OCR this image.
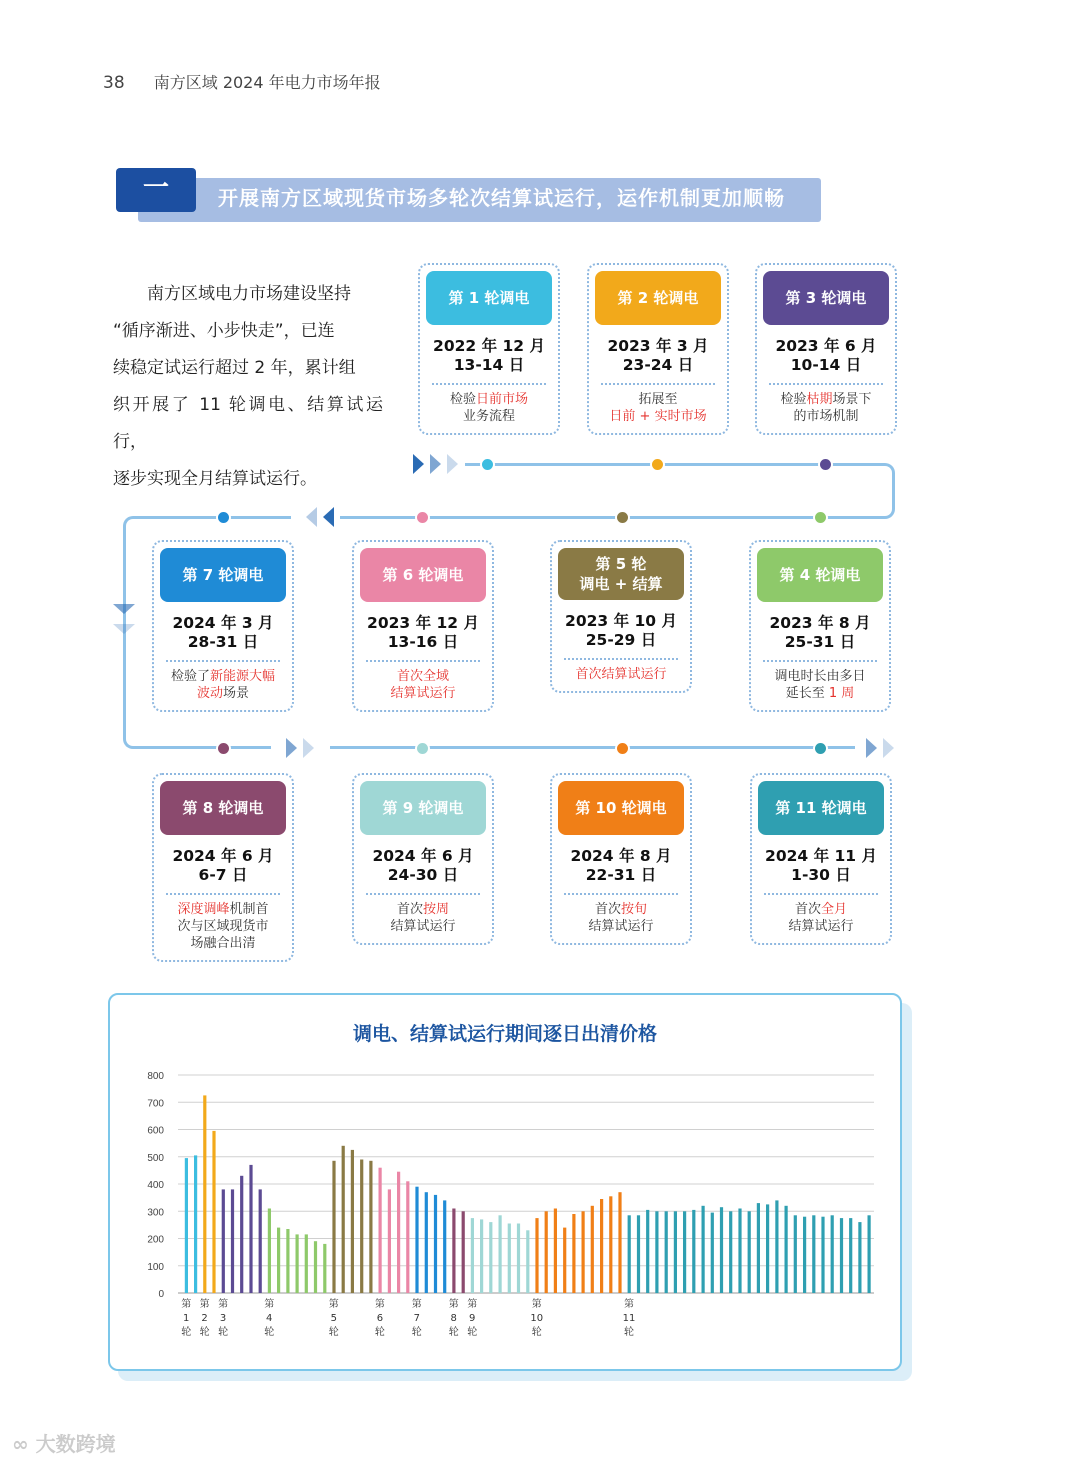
38 南方区域 2024 年电力市场年报
一	开展南方区域现货市场多轮次结算试运行，运作机制更加顺畅
南方区域电力市场建设坚持
“循序渐进、小步快走”，已连
续稳定试运行超过 2 年，累计组
织开展了 11 轮调电、结算试运行，
逐步实现全月结算试运行。
第 1 轮调电
2022 年 12 月
13-14 日
检验日前市场
业务流程
第 2 轮调电
2023 年 3 月
23-24 日
拓展至
日前 + 实时市场
第 3 轮调电
2023 年 6 月
10-14 日
检验枯期场景下
的市场机制
第 4 轮调电
2023 年 8 月
25-31 日
调电时长由多日
延长至 1 周
第 5 轮
调电 + 结算
2023 年 10 月
25-29 日
首次结算试运行
第 6 轮调电
2023 年 12 月
13-16 日
首次全域
结算试运行
第 7 轮调电
2024 年 3 月
28-31 日
检验了新能源大幅
波动场景
第 8 轮调电
2024 年 6 月
6-7 日
深度调峰机制首
次与区域现货市
场融合出清
第 9 轮调电
2024 年 6 月
24-30 日
首次按周
结算试运行
第 10 轮调电
2024 年 8 月
22-31 日
首次按旬
结算试运行
第 11 轮调电
2024 年 11 月
1-30 日
首次全月
结算试运行
调电、结算试运行期间逐日出清价格
0
100
200
300
400
500
600
700
800
第 1 轮
第 2 轮
第 3 轮
第 4 轮
第 5 轮
第 6 轮
第 7 轮
第 8 轮
第 9 轮
第 10 轮
第 11 轮
∞ 大数跨境
